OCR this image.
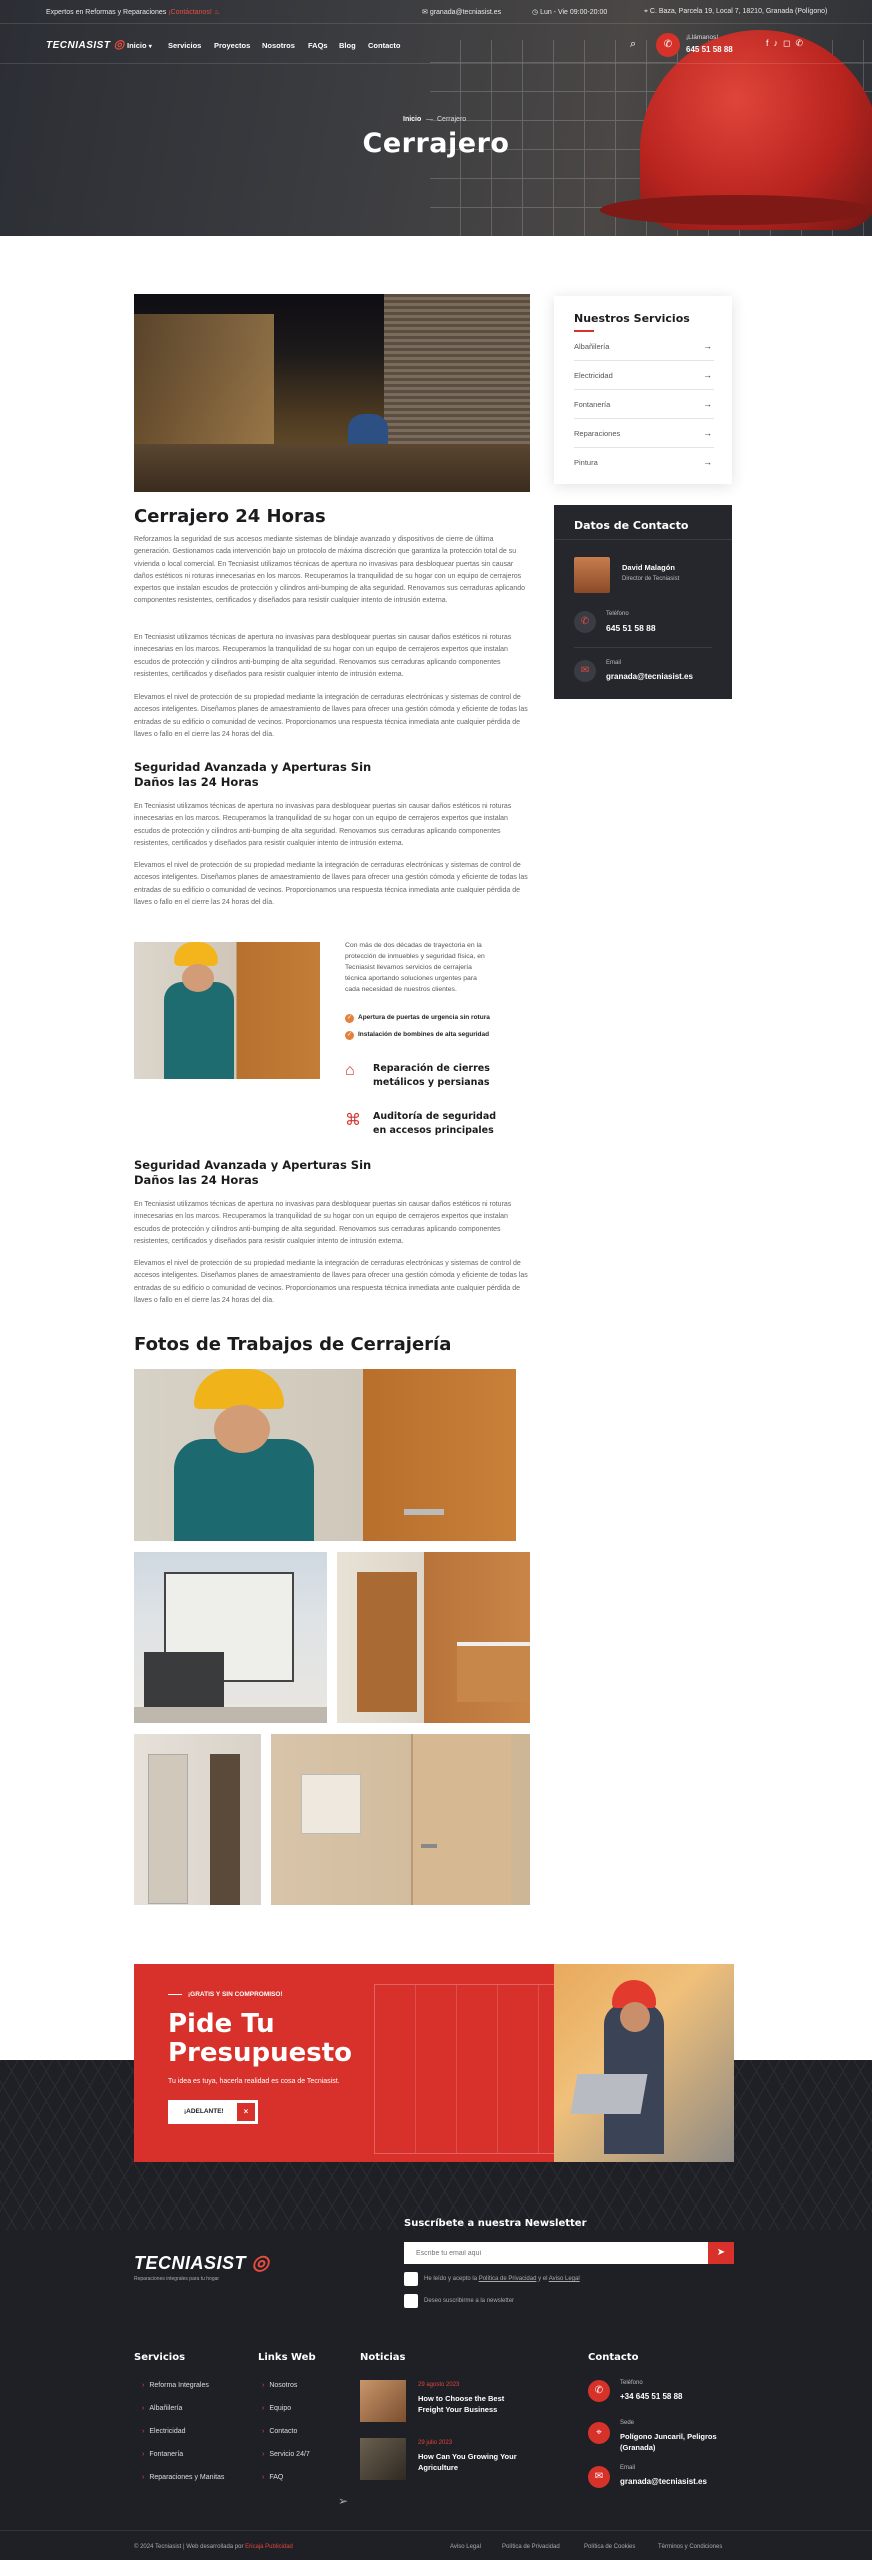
Expertos en Reformas y Reparaciones ¡Contáctanos! ♨	✉ granada@tecniasist.es	◷ Lun - Vie 09:00-20:00	⌖ C. Baza, Parcela 19, Local 7, 18210, Granada (Polígono)
TECNIASIST ◎ Inicio ▾ Servicios Proyectos Nosotros FAQs Blog Contacto	⌕	✆
¡Llámanos!
645 51 58 88
f♪◻✆
Inicio — Cerrajero
Cerrajero
Cerrajero 24 Horas
Reforzamos la seguridad de sus accesos mediante sistemas de blindaje avanzado y dispositivos de cierre de última generación. Gestionamos cada intervención bajo un protocolo de máxima discreción que garantiza la protección total de su vivienda o local comercial. En Tecniasist utilizamos técnicas de apertura no invasivas para desbloquear puertas sin causar daños estéticos ni roturas innecesarias en los marcos. Recuperamos la tranquilidad de su hogar con un equipo de cerrajeros expertos que instalan escudos de protección y cilindros anti-bumping de alta seguridad. Renovamos sus cerraduras aplicando componentes resistentes, certificados y diseñados para resistir cualquier intento de intrusión externa.
En Tecniasist utilizamos técnicas de apertura no invasivas para desbloquear puertas sin causar daños estéticos ni roturas innecesarias en los marcos. Recuperamos la tranquilidad de su hogar con un equipo de cerrajeros expertos que instalan escudos de protección y cilindros anti-bumping de alta seguridad. Renovamos sus cerraduras aplicando componentes resistentes, certificados y diseñados para resistir cualquier intento de intrusión externa.
Elevamos el nivel de protección de su propiedad mediante la integración de cerraduras electrónicas y sistemas de control de accesos inteligentes. Diseñamos planes de amaestramiento de llaves para ofrecer una gestión cómoda y eficiente de todas las entradas de su edificio o comunidad de vecinos. Proporcionamos una respuesta técnica inmediata ante cualquier pérdida de llaves o fallo en el cierre las 24 horas del día.
Seguridad Avanzada y Aperturas Sin Daños las 24 Horas
En Tecniasist utilizamos técnicas de apertura no invasivas para desbloquear puertas sin causar daños estéticos ni roturas innecesarias en los marcos. Recuperamos la tranquilidad de su hogar con un equipo de cerrajeros expertos que instalan escudos de protección y cilindros anti-bumping de alta seguridad. Renovamos sus cerraduras aplicando componentes resistentes, certificados y diseñados para resistir cualquier intento de intrusión externa.
Elevamos el nivel de protección de su propiedad mediante la integración de cerraduras electrónicas y sistemas de control de accesos inteligentes. Diseñamos planes de amaestramiento de llaves para ofrecer una gestión cómoda y eficiente de todas las entradas de su edificio o comunidad de vecinos. Proporcionamos una respuesta técnica inmediata ante cualquier pérdida de llaves o fallo en el cierre las 24 horas del día.
Con más de dos décadas de trayectoria en la protección de inmuebles y seguridad física, en Tecniasist llevamos servicios de cerrajería técnica aportando soluciones urgentes para cada necesidad de nuestros clientes.
✓ Apertura de puertas de urgencia sin rotura
✓ Instalación de bombines de alta seguridad
⌂ Reparación de cierres metálicos y persianas
⌘ Auditoría de seguridad en accesos principales
Seguridad Avanzada y Aperturas Sin Daños las 24 Horas
En Tecniasist utilizamos técnicas de apertura no invasivas para desbloquear puertas sin causar daños estéticos ni roturas innecesarias en los marcos. Recuperamos la tranquilidad de su hogar con un equipo de cerrajeros expertos que instalan escudos de protección y cilindros anti-bumping de alta seguridad. Renovamos sus cerraduras aplicando componentes resistentes, certificados y diseñados para resistir cualquier intento de intrusión externa.
Elevamos el nivel de protección de su propiedad mediante la integración de cerraduras electrónicas y sistemas de control de accesos inteligentes. Diseñamos planes de amaestramiento de llaves para ofrecer una gestión cómoda y eficiente de todas las entradas de su edificio o comunidad de vecinos. Proporcionamos una respuesta técnica inmediata ante cualquier pérdida de llaves o fallo en el cierre las 24 horas del día.
Fotos de Trabajos de Cerrajería
Nuestros Servicios
Albañilería	→
Electricidad	→
Fontanería	→
Reparaciones	→
Pintura	→
Datos de Contacto
David Malagón
Director de Tecniasist
✆
Teléfono
645 51 58 88
✉
Email
granada@tecniasist.es
¡GRATIS Y SIN COMPROMISO!
Pide Tu
Presupuesto
Tu idea es tuya, hacerla realidad es cosa de Tecniasist.
¡ADELANTE!	×
TECNIASIST ◎
Reparaciones integrales para tu hogar
Suscríbete a nuestra Newsletter
Escribe tu email aquí
➤
He leído y acepto la Política de Privacidad y el Aviso Legal
Deseo suscribirme a la newsletter
Servicios
› Reforma Integrales
› Albañilería
› Electricidad
› Fontanería
› Reparaciones y Manitas
Links Web
› Nosotros
› Equipo
› Contacto
› Servicio 24/7
› FAQ
Noticias
29 agosto 2023
How to Choose the Best Freight Your Business
29 julio 2023
How Can You Growing Your Agriculture
Contacto
✆
Teléfono
+34 645 51 58 88
⌖
Sede
Polígono Juncaril, Peligros (Granada)
✉
Email
granada@tecniasist.es
➢
© 2024 Tecniasist | Web desarrollada por Ericaja Publicidad	Aviso Legal	Política de Privacidad	Política de Cookies	Términos y Condiciones
